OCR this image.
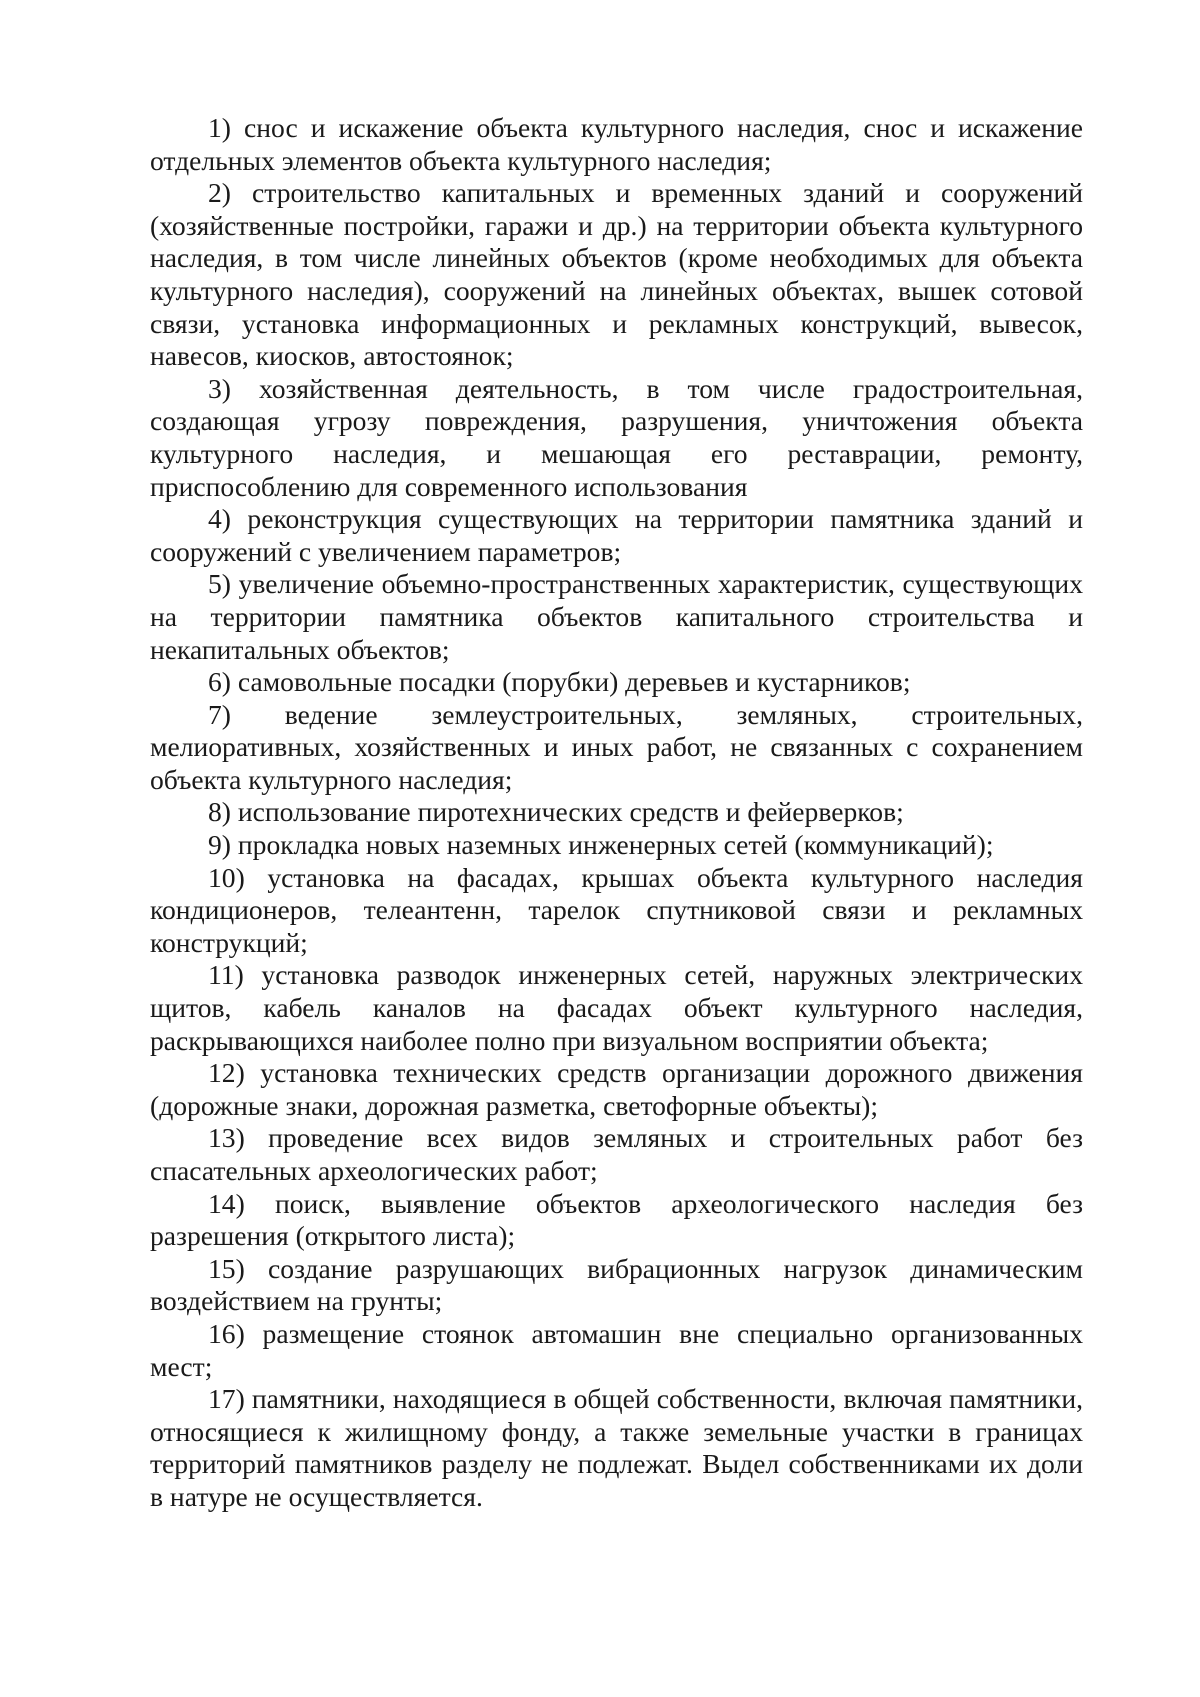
1) снос и искажение объекта культурного наследия, снос и искажение отдельных элементов объекта культурного наследия;

2) строительство капитальных и временных зданий и сооружений (хозяйственные постройки, гаражи и др.) на территории объекта культурного наследия, в том числе линейных объектов (кроме необходимых для объекта культурного наследия), сооружений на линейных объектах, вышек сотовой связи, установка информационных и рекламных конструкций, вывесок, навесов, киосков, автостоянок;

3) хозяйственная деятельность, в том числе градостроительная, создающая угрозу повреждения, разрушения, уничтожения объекта культурного наследия, и мешающая его реставрации, ремонту, приспособлению для современного использования

4) реконструкция существующих на территории памятника зданий и сооружений с увеличением параметров;

5) увеличение объемно-пространственных характеристик, существующих на территории памятника объектов капитального строительства и некапитальных объектов;

6) самовольные посадки (порубки) деревьев и кустарников;

7) ведение землеустроительных, земляных, строительных, мелиоративных, хозяйственных и иных работ, не связанных с сохранением объекта культурного наследия;

8) использование пиротехнических средств и фейерверков;

9) прокладка новых наземных инженерных сетей (коммуникаций);

10) установка на фасадах, крышах объекта культурного наследия кондиционеров, телеантенн, тарелок спутниковой связи и рекламных конструкций;

11) установка разводок инженерных сетей, наружных электрических щитов, кабель каналов на фасадах объект культурного наследия, раскрывающихся наиболее полно при визуальном восприятии объекта;

12) установка технических средств организации дорожного движения (дорожные знаки, дорожная разметка, светофорные объекты);

13) проведение всех видов земляных и строительных работ без спасательных археологических работ;

14) поиск, выявление объектов археологического наследия без разрешения (открытого листа);

15) создание разрушающих вибрационных нагрузок динамическим воздействием на грунты;

16) размещение стоянок автомашин вне специально организованных мест;

17) памятники, находящиеся в общей собственности, включая памятники, относящиеся к жилищному фонду, а также земельные участки в границах территорий памятников разделу не подлежат. Выдел собственниками их доли в натуре не осуществляется.
